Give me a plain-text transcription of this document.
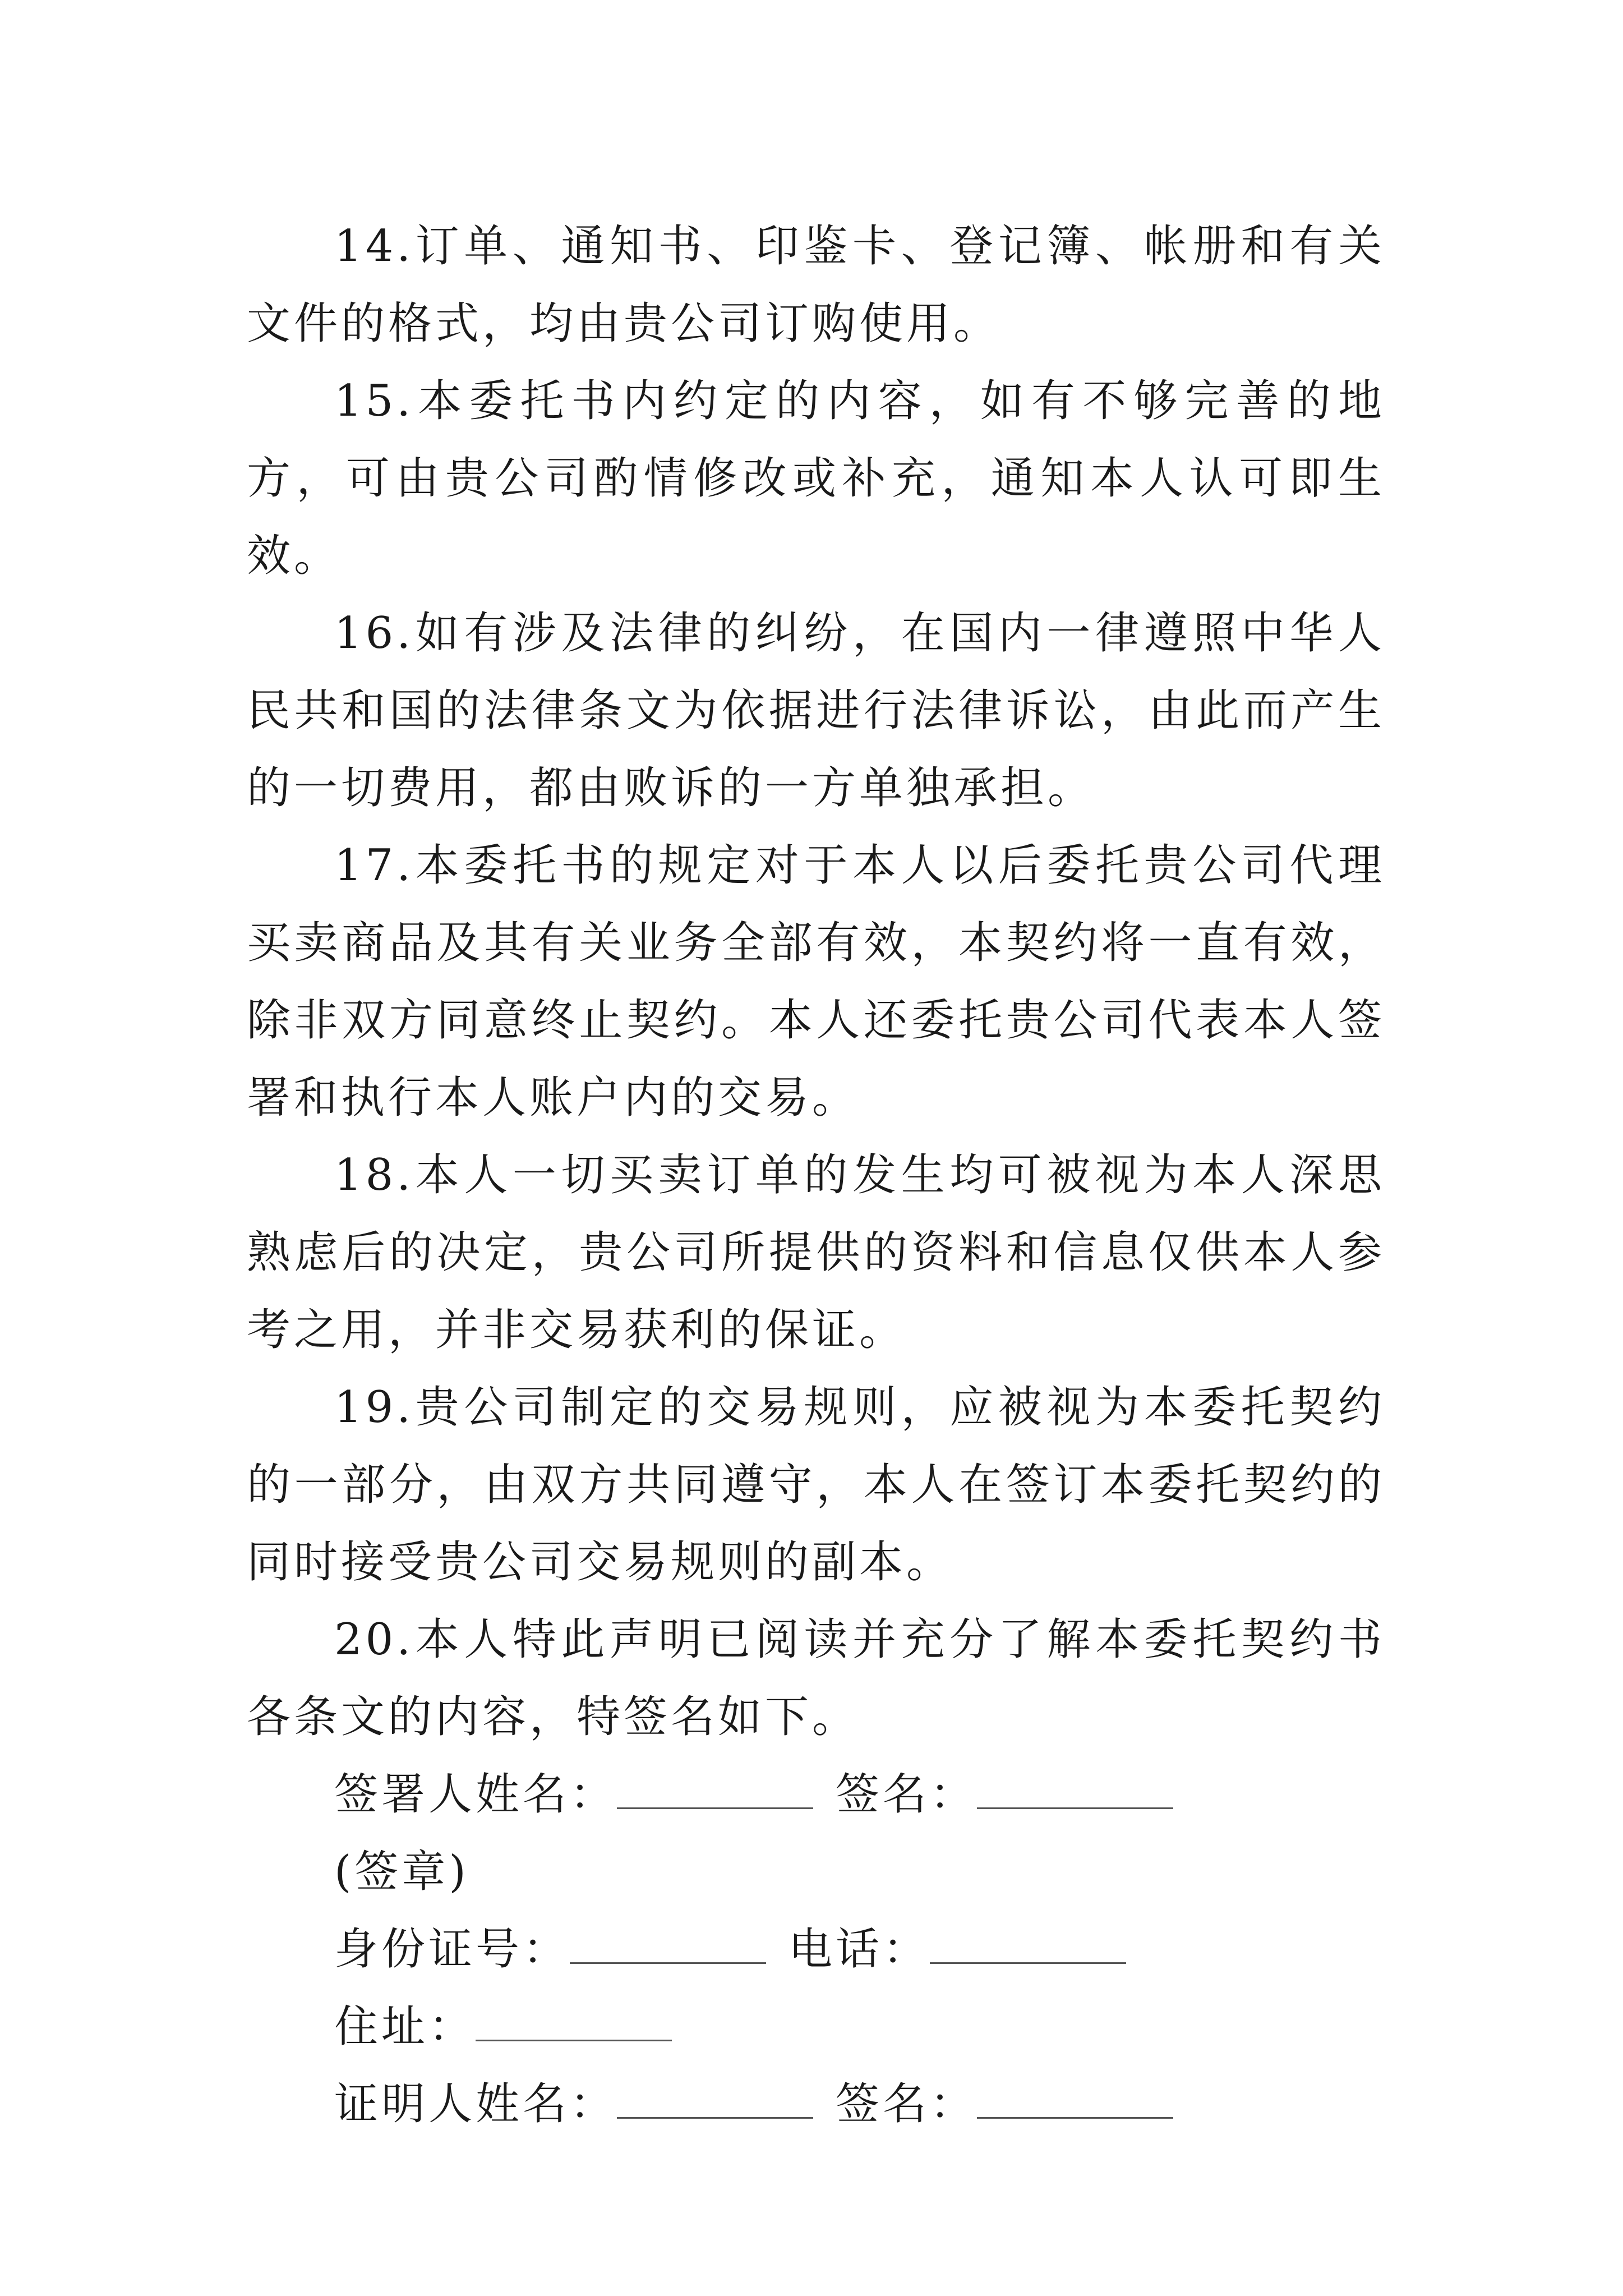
14.订单、通知书、印鉴卡、登记簿、帐册和有关文件的格式，均由贵公司订购使用。

15.本委托书内约定的内容，如有不够完善的地方，可由贵公司酌情修改或补充，通知本人认可即生效。

16.如有涉及法律的纠纷，在国内一律遵照中华人民共和国的法律条文为依据进行法律诉讼，由此而产生的一切费用，都由败诉的一方单独承担。

17.本委托书的规定对于本人以后委托贵公司代理买卖商品及其有关业务全部有效，本契约将一直有效，除非双方同意终止契约。本人还委托贵公司代表本人签署和执行本人账户内的交易。

18.本人一切买卖订单的发生均可被视为本人深思熟虑后的决定，贵公司所提供的资料和信息仅供本人参考之用，并非交易获利的保证。

19.贵公司制定的交易规则，应被视为本委托契约的一部分，由双方共同遵守，本人在签订本委托契约的同时接受贵公司交易规则的副本。

20.本人特此声明已阅读并充分了解本委托契约书各条文的内容，特签名如下。

签署人姓名：	签名：
(签章)
身份证号：	电话：
住址：
证明人姓名：	签名：
